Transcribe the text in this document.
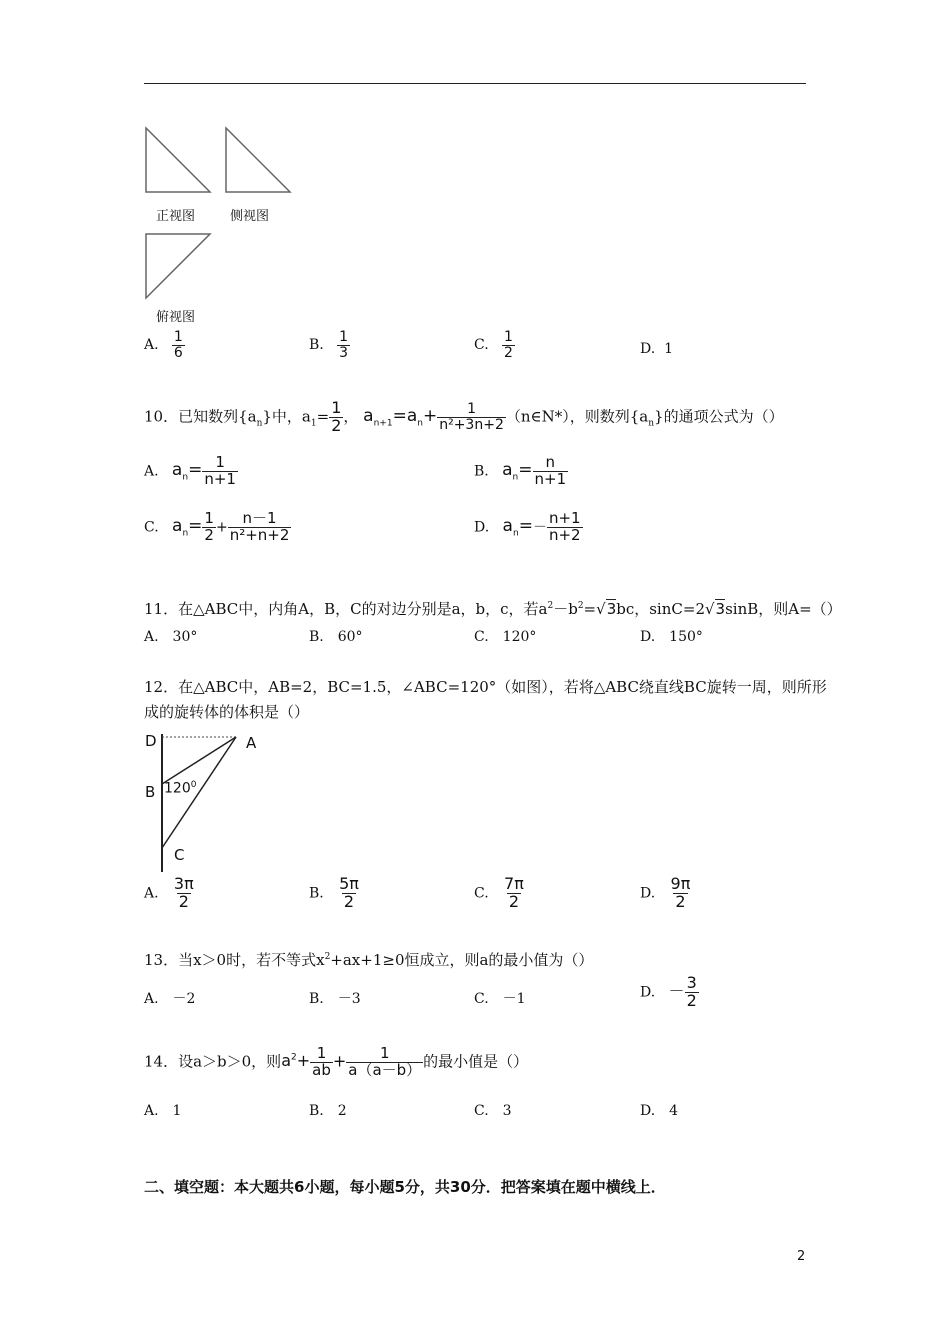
正视图	侧视图
俯视图
A. $\frac{1}{6}$	B. $\frac{1}{3}$	C. $\frac{1}{2}$	D. 1
10．已知数列$\{a_n\}$中，$a_1= \frac{1}{2}$ ， $a_{n+1}=a_n+ \frac{1}{\text{n²+3n+2}}$ （n∈N*），则数列$\{a_n\}$的通项公式为（）
A. $a_n= \frac{1}{n+1}$	B. $a_n= \frac{n}{n+1}$
C. $a_n= \frac{1}{2} + \frac{n-1}{\text{n²+n+2}}$	D. $a_n=- \frac{n+1}{n+2}$
11．在△ABC中，内角A，B，C的对边分别是a，b，c，若$a^2-b^2=√3bc$，sinC=2√3sinB，则A=（）
A.　30°	B.　60°	C.　120°	D.　150°
12．在△ABC中，AB=2，BC=1.5，∠ABC=120°（如图），若将△ABC绕直线BC旋转一周，则所形
成的旋转体的体积是（）
D	A
B $120^0$
C
A. $\frac{3\pi}{2}$	B. $\frac{5\pi}{2}$	C. $\frac{7\pi}{2}$	D. $\frac{9\pi}{2}$
13．当x＞0时，若不等式$x^2+ax+1\ge 0$恒成立，则a的最小值为（）
A.　－2	B.　－3	C.　－1	D. － $\frac{3}{2}$
14．设a＞b＞0，则$a^2+ \frac{1}{ab} + \frac{1}{a(a-b)}$ 的最小值是（）
A.　1	B.　2	C.　3	D.　4
二、填空题：本大题共6小题，每小题5分，共30分．把答案填在题中横线上．
2
